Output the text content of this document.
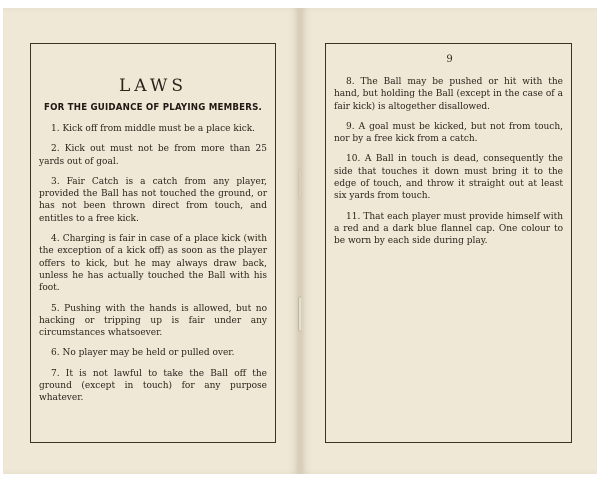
LAWS
FOR THE GUIDANCE OF PLAYING MEMBERS.

1. Kick off from middle must be a place kick.

2. Kick out must not be from more than 25 yards out of goal.

3. Fair Catch is a catch from any player, provided the Ball has not touched the ground, or has not been thrown direct from touch, and entitles to a free kick.

4. Charging is fair in case of a place kick (with the exception of a kick off) as soon as the player offers to kick, but he may always draw back, unless he has actually touched the Ball with his foot.

5. Pushing with the hands is allowed, but no hacking or tripping up is fair under any circumstances whatsoever.

6. No player may be held or pulled over.

7. It is not lawful to take the Ball off the ground (except in touch) for any purpose whatever.

9

8. The Ball may be pushed or hit with the hand, but holding the Ball (except in the case of a fair kick) is altogether disallowed.

9. A goal must be kicked, but not from touch, nor by a free kick from a catch.

10. A Ball in touch is dead, consequently the side that touches it down must bring it to the edge of touch, and throw it straight out at least six yards from touch.

11. That each player must provide himself with a red and a dark blue flannel cap. One colour to be worn by each side during play.
